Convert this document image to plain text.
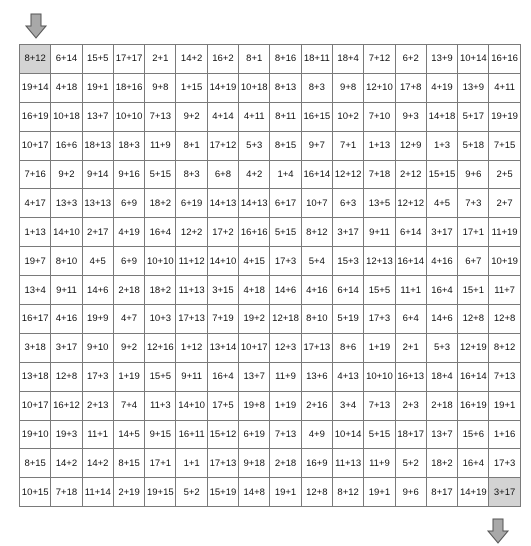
8+12	6+14	15+5	17+17	2+1	14+2	16+2	8+1	8+16	18+11	18+4	7+12	6+2	13+9	10+14	16+16
19+14	4+18	19+1	18+16	9+8	1+15	14+19	10+18	8+13	8+3	9+8	12+10	17+8	4+19	13+9	4+11
16+19	10+18	13+7	10+10	7+13	9+2	4+14	4+11	8+11	16+15	10+2	7+10	9+3	14+18	5+17	19+19
10+17	16+6	18+13	18+3	11+9	8+1	17+12	5+3	8+15	9+7	7+1	1+13	12+9	1+3	5+18	7+15
7+16	9+2	9+14	9+16	5+15	8+3	6+8	4+2	1+4	16+14	12+12	7+18	2+12	15+15	9+6	2+5
4+17	13+3	13+13	6+9	18+2	6+19	14+13	14+13	6+17	10+7	6+3	13+5	12+12	4+5	7+3	2+7
1+13	14+10	2+17	4+19	16+4	12+2	17+2	16+16	5+15	8+12	3+17	9+11	6+14	3+17	17+1	11+19
19+7	8+10	4+5	6+9	10+10	11+12	14+10	4+15	17+3	5+4	15+3	12+13	16+14	4+16	6+7	10+19
13+4	9+11	14+6	2+18	18+2	11+13	3+15	4+18	14+6	4+16	6+14	15+5	11+1	16+4	15+1	11+7
16+17	4+16	19+9	4+7	10+3	17+13	7+19	19+2	12+18	8+10	5+19	17+3	6+4	14+6	12+8	12+8
3+18	3+17	9+10	9+2	12+16	1+12	13+14	10+17	12+3	17+13	8+6	1+19	2+1	5+3	12+19	8+12
13+18	12+8	17+3	1+19	15+5	9+11	16+4	13+7	11+9	13+6	4+13	10+10	16+13	18+4	16+14	7+13
10+17	16+12	2+13	7+4	11+3	14+10	17+5	19+8	1+19	2+16	3+4	7+13	2+3	2+18	16+19	19+1
19+10	19+3	11+1	14+5	9+15	16+11	15+12	6+19	7+13	4+9	10+14	5+15	18+17	13+7	15+6	1+16
8+15	14+2	14+2	8+15	17+1	1+1	17+13	9+18	2+18	16+9	11+13	11+9	5+2	18+2	16+4	17+3
10+15	7+18	11+14	2+19	19+15	5+2	15+19	14+8	19+1	12+8	8+12	19+1	9+6	8+17	14+19	3+17
